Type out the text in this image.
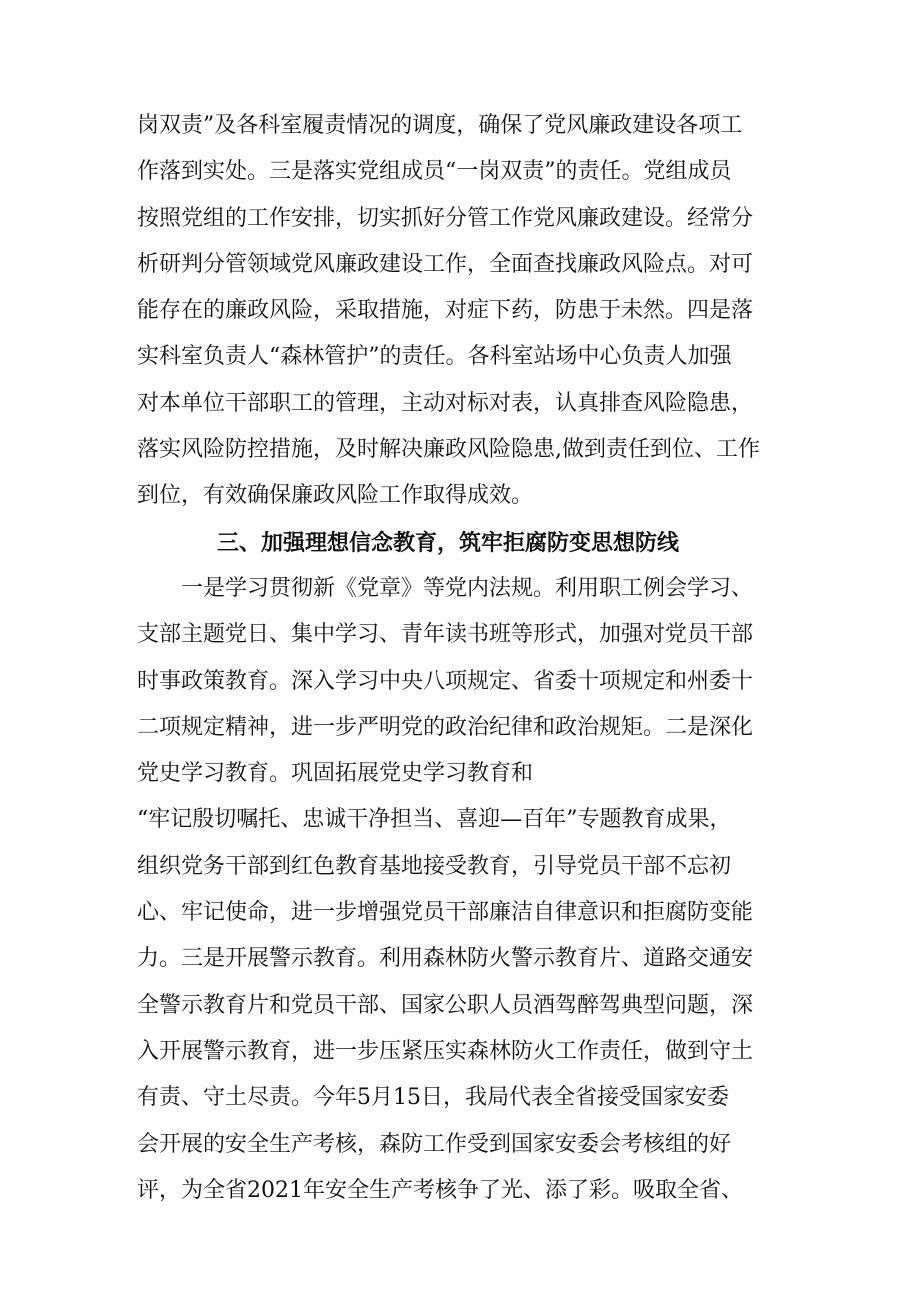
岗双责”及各科室履责情况的调度，确保了党风廉政建设各项工
作落到实处。三是落实党组成员“一岗双责”的责任。党组成员
按照党组的工作安排，切实抓好分管工作党风廉政建设。经常分
析研判分管领域党风廉政建设工作，全面查找廉政风险点。对可
能存在的廉政风险，采取措施，对症下药，防患于未然。四是落
实科室负责人“森林管护”的责任。各科室站场中心负责人加强
对本单位干部职工的管理，主动对标对表，认真排查风险隐患，
落实风险防控措施，及时解决廉政风险隐患,做到责任到位、工作
到位，有效确保廉政风险工作取得成效。
三、加强理想信念教育，筑牢拒腐防变思想防线
一是学习贯彻新《党章》等党内法规。利用职工例会学习、
支部主题党日、集中学习、青年读书班等形式，加强对党员干部
时事政策教育。深入学习中央八项规定、省委十项规定和州委十
二项规定精神，进一步严明党的政治纪律和政治规矩。二是深化
党史学习教育。巩固拓展党史学习教育和
“牢记殷切嘱托、忠诚干净担当、喜迎—百年”专题教育成果，
组织党务干部到红色教育基地接受教育，引导党员干部不忘初
心、牢记使命，进一步增强党员干部廉洁自律意识和拒腐防变能
力。三是开展警示教育。利用森林防火警示教育片、道路交通安
全警示教育片和党员干部、国家公职人员酒驾醉驾典型问题，深
入开展警示教育，进一步压紧压实森林防火工作责任，做到守土
有责、守土尽责。今年5月15日，我局代表全省接受国家安委
会开展的安全生产考核，森防工作受到国家安委会考核组的好
评，为全省2021年安全生产考核争了光、添了彩。吸取全省、
